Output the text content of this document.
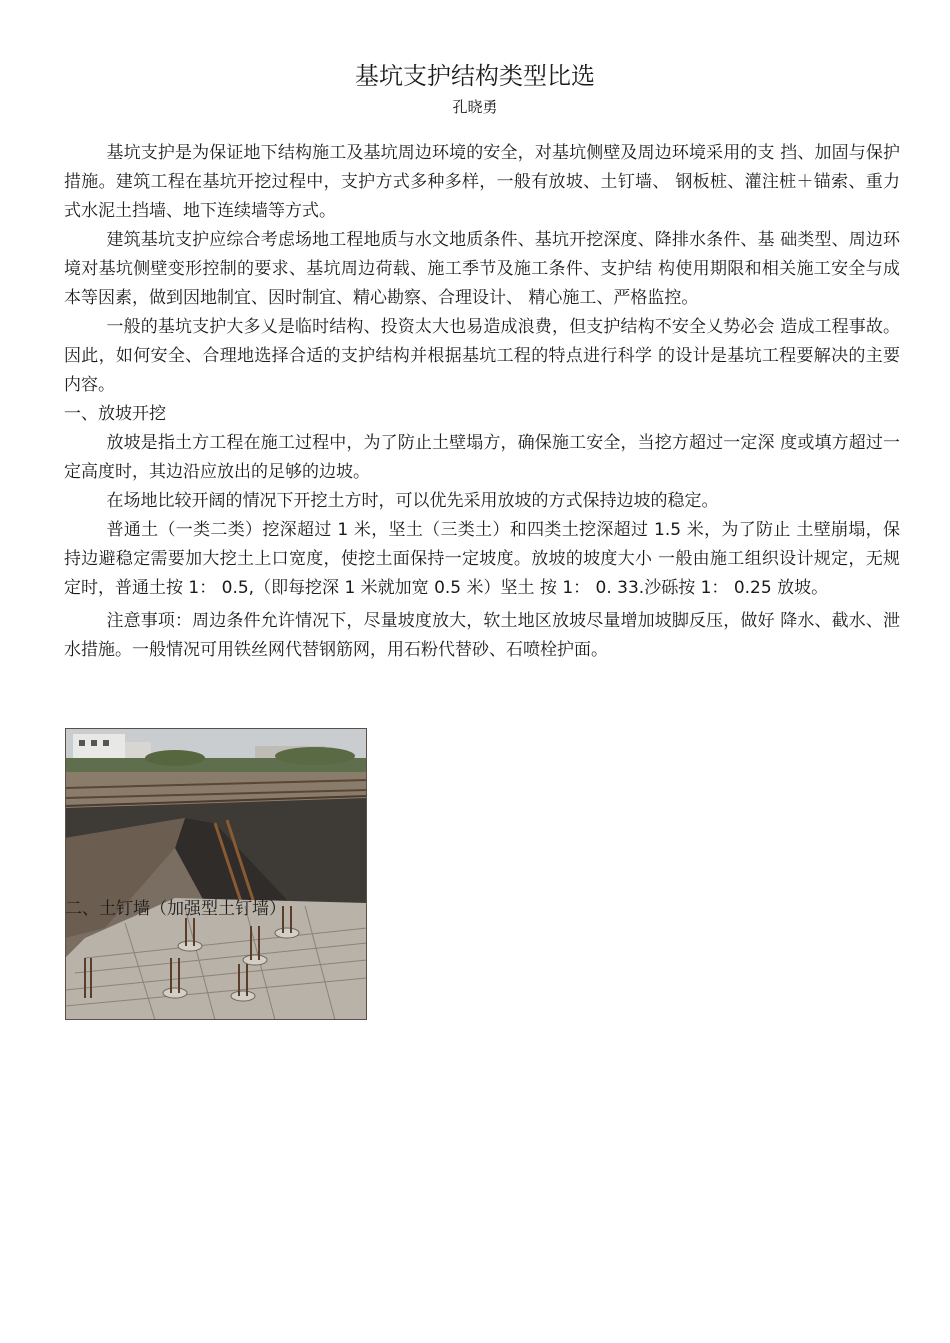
基坑支护结构类型比选
孔晓勇

基坑支护是为保证地下结构施工及基坑周边环境的安全，对基坑侧壁及周边环境采用的支 挡、加固与保护措施。建筑工程在基坑开挖过程中，支护方式多种多样，一般有放坡、土钉墙、 钢板桩、灌注桩＋锚索、重力式水泥土挡墙、地下连续墙等方式。

建筑基坑支护应综合考虑场地工程地质与水文地质条件、基坑开挖深度、降排水条件、基 础类型、周边环境对基坑侧壁变形控制的要求、基坑周边荷载、施工季节及施工条件、支护结 构使用期限和相关施工安全与成本等因素，做到因地制宜、因时制宜、精心勘察、合理设计、 精心施工、严格监控。

一般的基坑支护大多乂是临时结构、投资太大也易造成浪费，但支护结构不安全乂势必会 造成工程事故。因此，如何安全、合理地选择合适的支护结构并根据基坑工程的特点进行科学 的设计是基坑工程要解决的主要内容。

一、放坡开挖

放坡是指土方工程在施工过程中，为了防止土壁塌方，确保施工安全，当挖方超过一定深 度或填方超过一定高度时，其边沿应放出的足够的边坡。

在场地比较开阔的情况下开挖土方时，可以优先采用放坡的方式保持边坡的稳定。

普通土（一类二类）挖深超过 1 米，坚土（三类土）和四类土挖深超过 1.5 米，为了防止 土壁崩塌，保持边避稳定需要加大挖土上口宽度，使挖土面保持一定坡度。放坡的坡度大小 一般由施工组织设计规定，无规定时，普通土按 1： 0.5,（即每挖深 1 米就加宽 0.5 米）坚土 按 1： 0. 33.沙砾按 1： 0.25 放坡。

注意事项：周边条件允许情况下，尽量坡度放大，软土地区放坡尽量增加坡脚反压，做好 降水、截水、泄水措施。一般情况可用铁丝网代替钢筋网，用石粉代替砂、石喷栓护面。

二、土钉墙（加强型土钉墙）
